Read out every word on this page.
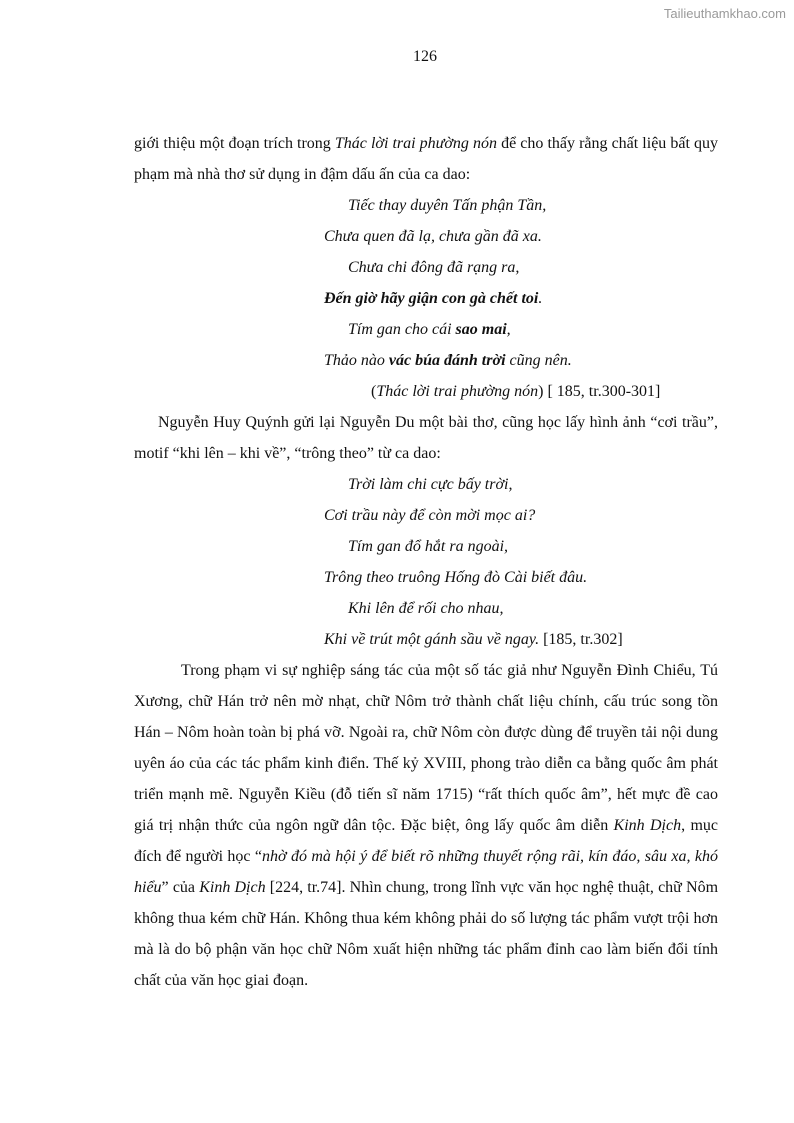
Tailieuthamkhao.com
126

giới thiệu một đoạn trích trong Thác lời trai phường nón để cho thấy rằng chất liệu bất quy phạm mà nhà thơ sử dụng in đậm dấu ấn của ca dao:

Tiếc thay duyên Tấn phận Tần,
Chưa quen đã lạ, chưa gần đã xa.
Chưa chi đông đã rạng ra,
Đến giờ hãy giận con gà chết toi.
Tím gan cho cái sao mai,
Thảo nào vác búa đánh trời cũng nên.
(Thác lời trai phường nón) [ 185, tr.300-301]

Nguyễn Huy Quýnh gửi lại Nguyễn Du một bài thơ, cũng học lấy hình ảnh “cơi trầu”, motif “khi lên – khi về”, “trông theo” từ ca dao:

Trời làm chi cực bấy trời,
Cơi trầu này để còn mời mọc ai?
Tím gan đổ hắt ra ngoài,
Trông theo truông Hống đò Cài biết đâu.
Khi lên để rối cho nhau,
Khi về trút một gánh sầu về ngay. [185, tr.302]

Trong phạm vi sự nghiệp sáng tác của một số tác giả như Nguyễn Đình Chiểu, Tú Xương, chữ Hán trở nên mờ nhạt, chữ Nôm trở thành chất liệu chính, cấu trúc song tồn Hán – Nôm hoàn toàn bị phá vỡ. Ngoài ra, chữ Nôm còn được dùng để truyền tải nội dung uyên áo của các tác phẩm kinh điển. Thế kỷ XVIII, phong trào diễn ca bằng quốc âm phát triển mạnh mẽ. Nguyễn Kiều (đỗ tiến sĩ năm 1715) “rất thích quốc âm”, hết mực đề cao giá trị nhận thức của ngôn ngữ dân tộc. Đặc biệt, ông lấy quốc âm diễn Kinh Dịch, mục đích để người học “nhờ đó mà hội ý để biết rõ những thuyết rộng rãi, kín đáo, sâu xa, khó hiểu” của Kinh Dịch [224, tr.74]. Nhìn chung, trong lĩnh vực văn học nghệ thuật, chữ Nôm không thua kém chữ Hán. Không thua kém không phải do số lượng tác phẩm vượt trội hơn mà là do bộ phận văn học chữ Nôm xuất hiện những tác phẩm đỉnh cao làm biến đổi tính chất của văn học giai đoạn.
